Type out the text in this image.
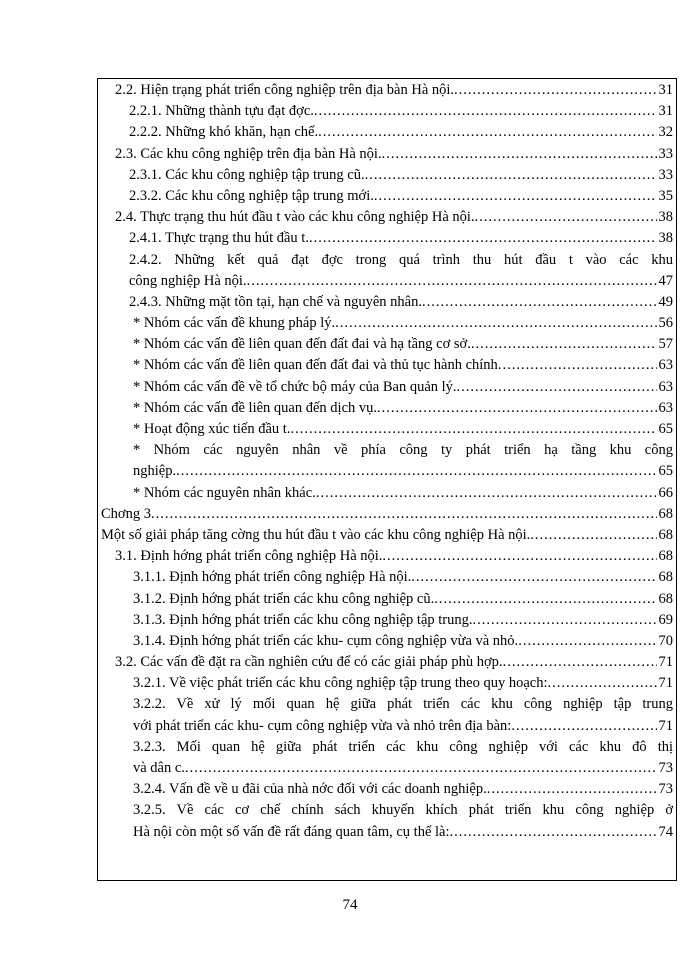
2.2. Hiện trạng phát triển công nghiệp trên địa bàn Hà nội. .....	31
2.2.1. Những thành tựu đạt đợc. .....	31
2.2.2. Những khó khăn, hạn chế. .....	32
2.3. Các khu công nghiệp trên địa bàn Hà nội. .....	33
2.3.1. Các khu công nghiệp tập trung cũ. .....	33
2.3.2. Các khu công nghiệp tập trung mới. .....	35
2.4. Thực trạng thu hút đầu t vào các khu công nghiệp Hà nội. .....	38
2.4.1. Thực trạng thu hút đầu t. .....	38
2.4.2. Những kết quả đạt đợc trong quá trình thu hút đầu t vào các khu
công nghiệp Hà nội. .....	47
2.4.3. Những mặt tồn tại, hạn chế và nguyên nhân. .....	49
* Nhóm các vấn đề khung pháp lý. .....	56
* Nhóm các vấn đề liên quan đến đất đai và hạ tầng cơ sở. .....	57
* Nhóm các vấn đề liên quan đến đất đai và thủ tục hành chính .....	63
* Nhóm các vấn đề về tổ chức bộ máy của Ban quản lý. .....	63
* Nhóm các vấn đề liên quan đến dịch vụ. .....	63
* Hoạt động xúc tiến đầu t. .....	65
* Nhóm các nguyên nhân về phía công ty phát triển hạ tầng khu công
nghiệp. .....	65
* Nhóm các nguyên nhân khác. .....	66
Chơng 3 .....	68
Một số giải pháp tăng cờng thu hút đầu t vào các khu công nghiệp Hà nội. .....	68
3.1. Định hớng phát triển công nghiệp Hà nội. .....	68
3.1.1. Định hớng phát triển công nghiệp Hà nội. .....	68
3.1.2. Định hớng phát triển các khu công nghiệp cũ. .....	68
3.1.3. Định hớng phát triển các khu công nghiệp tập trung. .....	69
3.1.4. Định hớng phát triển các khu- cụm công nghiệp vừa và nhỏ. .....	70
3.2. Các vấn đề đặt ra cần nghiên cứu để có các giải pháp phù hợp. .....	71
3.2.1. Về việc phát triển các khu công nghiệp tập trung theo quy hoạch: .....	71
3.2.2. Về xử lý mối quan hệ giữa phát triển các khu công nghiệp tập trung
với phát triển các khu- cụm công nghiệp vừa và nhỏ trên địa bàn: .....	71
3.2.3. Mối quan hệ giữa phát triển các khu công nghiệp với các khu đô thị
và dân c. .....	73
3.2.4. Vấn đề về u đãi của nhà nớc đối với các doanh nghiệp. .....	73
3.2.5. Về các cơ chế chính sách khuyến khích phát triển khu công nghiệp ở
Hà nội còn một số vấn đề rất đáng quan tâm, cụ thể là: .....	74
74
